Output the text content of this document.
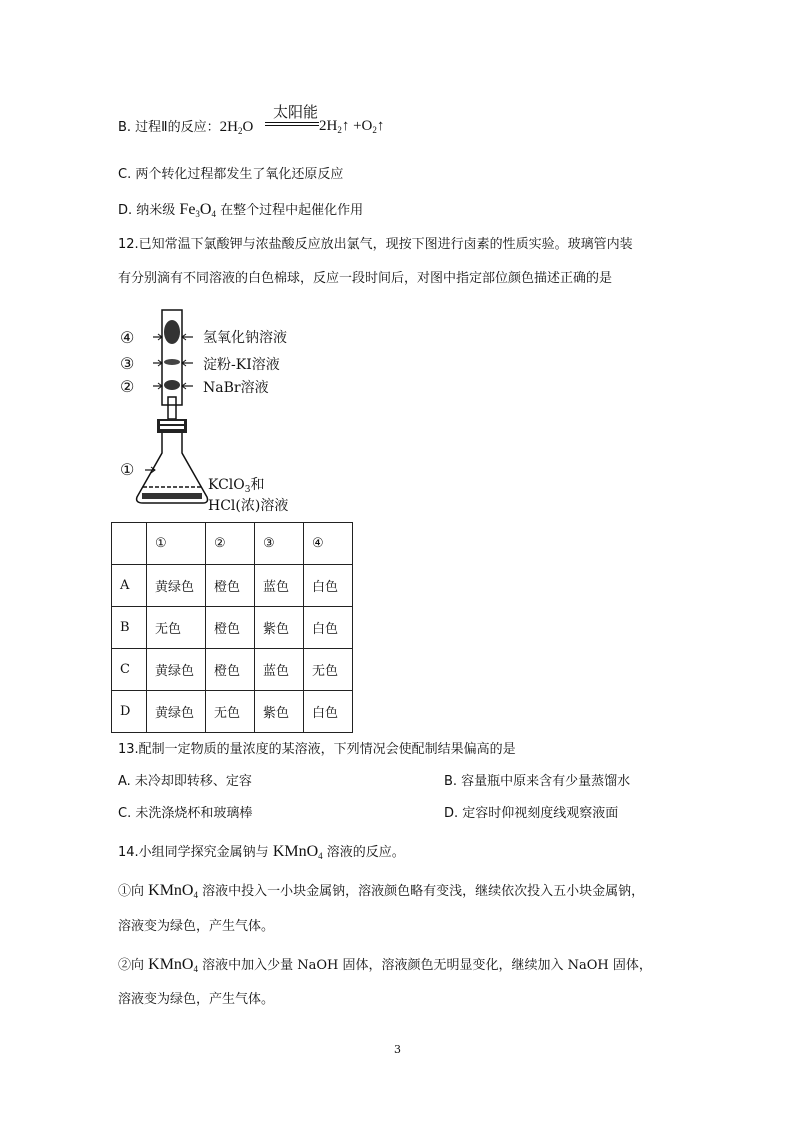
B. 过程Ⅱ的反应：$2H_2O$
太阳能
$2H_2↑$ $+O_2↑$
C. 两个转化过程都发生了氧化还原反应
D. 纳米级 $Fe_3O_4$ 在整个过程中起催化作用
12.已知常温下氯酸钾与浓盐酸反应放出氯气，现按下图进行卤素的性质实验。玻璃管内装
有分别滴有不同溶液的白色棉球，反应一段时间后，对图中指定部位颜色描述正确的是
④	氢氧化钠溶液
③	淀粉-KI溶液
②	NaBr溶液
①
KClO$_3$和
HCl(浓)溶液
	①	②	③	④
A	黄绿色	橙色	蓝色	白色
B	无色	橙色	紫色	白色
C	黄绿色	橙色	蓝色	无色
D	黄绿色	无色	紫色	白色
13.配制一定物质的量浓度的某溶液，下列情况会使配制结果偏高的是
A. 未冷却即转移、定容	B. 容量瓶中原来含有少量蒸馏水
C. 未洗涤烧杯和玻璃棒	D. 定容时仰视刻度线观察液面
14.小组同学探究金属钠与 KMnO$_4$ 溶液的反应。
①向 KMnO$_4$ 溶液中投入一小块金属钠，溶液颜色略有变浅，继续依次投入五小块金属钠，
溶液变为绿色，产生气体。
②向 KMnO$_4$ 溶液中加入少量 NaOH 固体，溶液颜色无明显变化，继续加入 NaOH 固体，
溶液变为绿色，产生气体。
3
